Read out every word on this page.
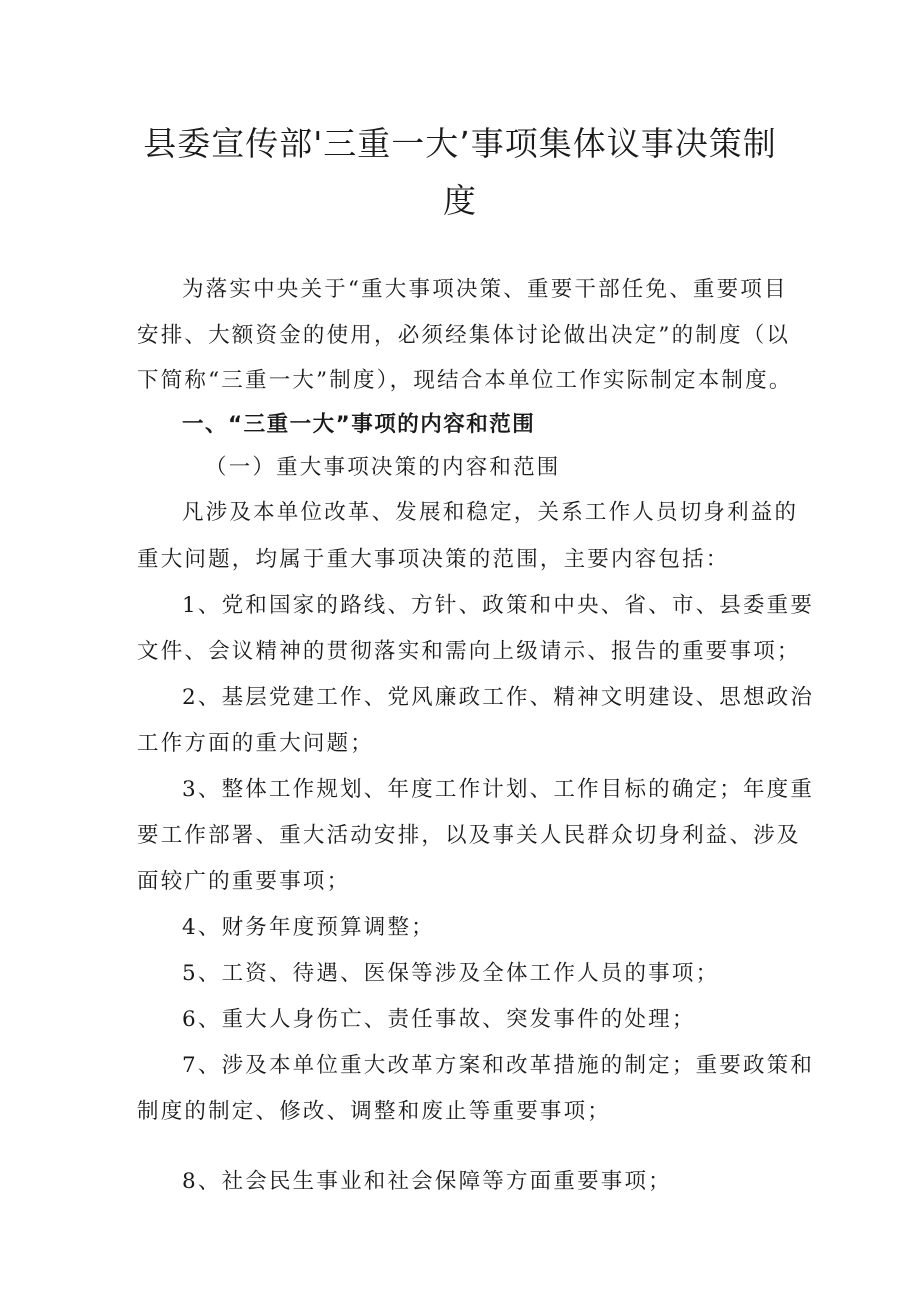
县委宣传部'三重一大’事项集体议事决策制
度

为落实中央关于“重大事项决策、重要干部任免、重要项目

安排、大额资金的使用，必须经集体讨论做出决定”的制度（以

下简称“三重一大”制度），现结合本单位工作实际制定本制度。

一、“三重一大”事项的内容和范围

（一）重大事项决策的内容和范围

凡涉及本单位改革、发展和稳定，关系工作人员切身利益的

重大问题，均属于重大事项决策的范围，主要内容包括：

1、党和国家的路线、方针、政策和中央、省、市、县委重要

文件、会议精神的贯彻落实和需向上级请示、报告的重要事项；

2、基层党建工作、党风廉政工作、精神文明建设、思想政治

工作方面的重大问题；

3、整体工作规划、年度工作计划、工作目标的确定；年度重

要工作部署、重大活动安排，以及事关人民群众切身利益、涉及

面较广的重要事项；

4、财务年度预算调整；

5、工资、待遇、医保等涉及全体工作人员的事项；

6、重大人身伤亡、责任事故、突发事件的处理；

7、涉及本单位重大改革方案和改革措施的制定；重要政策和

制度的制定、修改、调整和废止等重要事项；

8、社会民生事业和社会保障等方面重要事项；
